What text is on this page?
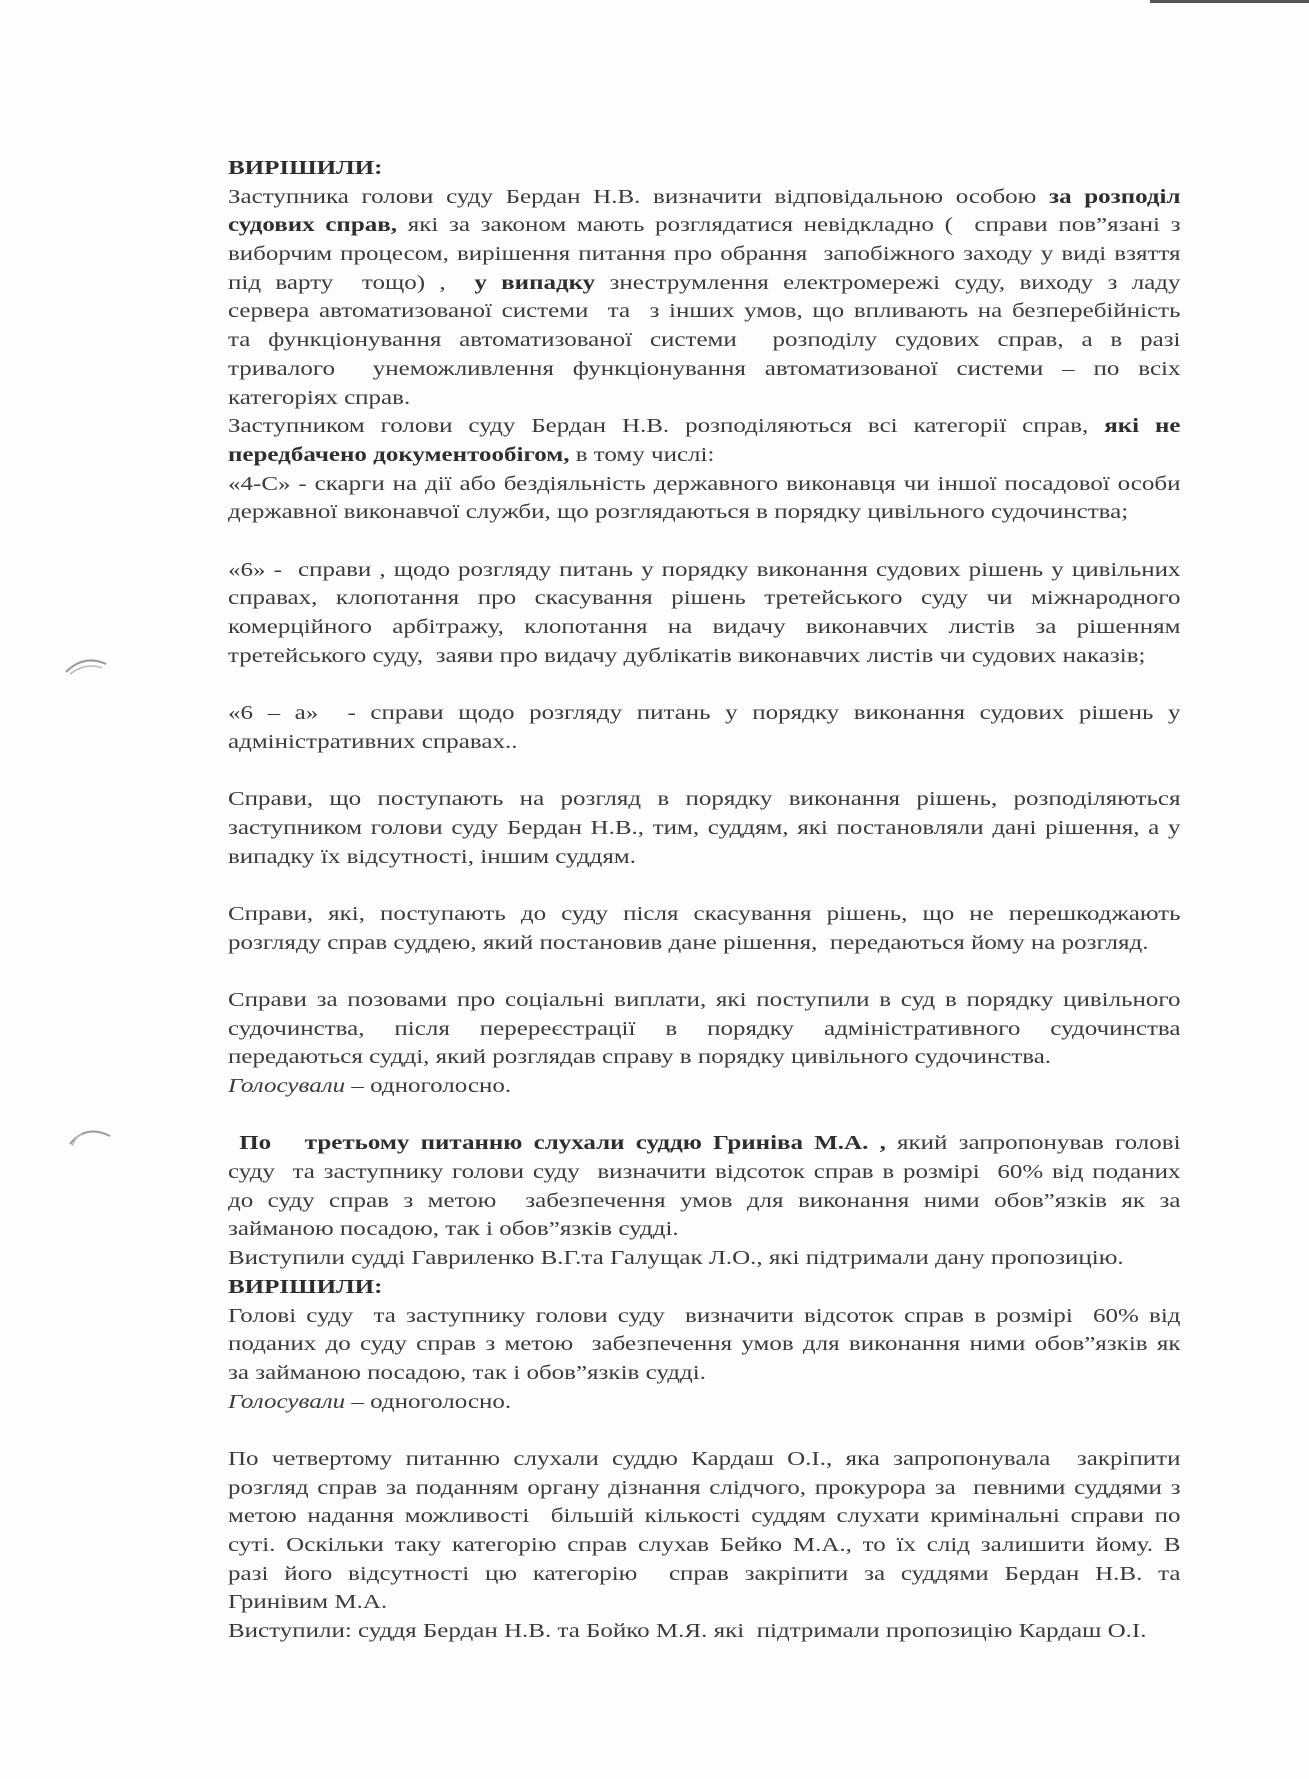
ВИРІШИЛИ:
Заступника голови суду Бердан Н.В. визначити відповідальною особою за розподіл
судових справ, які за законом мають розглядатися невідкладно (  справи пов”язані з
виборчим процесом, вирішення питання про обрання  запобіжного заходу у виді взяття
під варту  тощо) ,  у випадку знеструмлення електромережі суду, виходу з ладу
сервера автоматизованої системи  та  з інших умов, що впливають на безперебійність
та функціонування автоматизованої системи  розподілу судових справ, а в разі
тривалого  унеможливлення функціонування автоматизованої системи – по всіх
категоріях справ.
Заступником голови суду Бердан Н.В. розподіляються всі категорії справ, які не
передбачено документообігом, в тому числі:
«4-С» - скарги на дії або бездіяльність державного виконавця чи іншої посадової особи
державної виконавчої служби, що розглядаються в порядку цивільного судочинства;
«6» -  справи , щодо розгляду питань у порядку виконання судових рішень у цивільних
справах, клопотання про скасування рішень третейського суду чи міжнародного
комерційного арбітражу, клопотання на видачу виконавчих листів за рішенням
третейського суду,  заяви про видачу дублікатів виконавчих листів чи судових наказів;
«6 – а»  - справи щодо розгляду питань у порядку виконання судових рішень у
адміністративних справах..
Справи, що поступають на розгляд в порядку виконання рішень, розподіляються
заступником голови суду Бердан Н.В., тим, суддям, які постановляли дані рішення, а у
випадку їх відсутності, іншим суддям.
Справи, які, поступають до суду після скасування рішень, що не перешкоджають
розгляду справ суддею, який постановив дане рішення,  передаються йому на розгляд.
Справи за позовами про соціальні виплати, які поступили в суд в порядку цивільного
судочинства, після перереєстрації в порядку адміністративного судочинства
передаються судді, який розглядав справу в порядку цивільного судочинства.
Голосували – одноголосно.
По   третьому питанню слухали суддю Гриніва М.А. , який запропонував голові
суду  та заступнику голови суду  визначити відсоток справ в розмірі  60% від поданих
до суду справ з метою  забезпечення умов для виконання ними обов”язків як за
займаною посадою, так і обов”язків судді.
Виступили судді Гавриленко В.Г.та Галущак Л.О., які підтримали дану пропозицію.
ВИРІШИЛИ:
Голові суду  та заступнику голови суду  визначити відсоток справ в розмірі  60% від
поданих до суду справ з метою  забезпечення умов для виконання ними обов”язків як
за займаною посадою, так і обов”язків судді.
Голосували – одноголосно.
По четвертому питанню слухали суддю Кардаш О.І., яка запропонувала  закріпити
розгляд справ за поданням органу дізнання слідчого, прокурора за  певними суддями з
метою надання можливості  більшій кількості суддям слухати кримінальні справи по
суті. Оскільки таку категорію справ слухав Бейко М.А., то їх слід залишити йому. В
разі його відсутності цю категорію  справ закріпити за суддями Бердан Н.В. та
Гринівим М.А.
Виступили: суддя Бердан Н.В. та Бойко М.Я. які  підтримали пропозицію Кардаш О.І.
